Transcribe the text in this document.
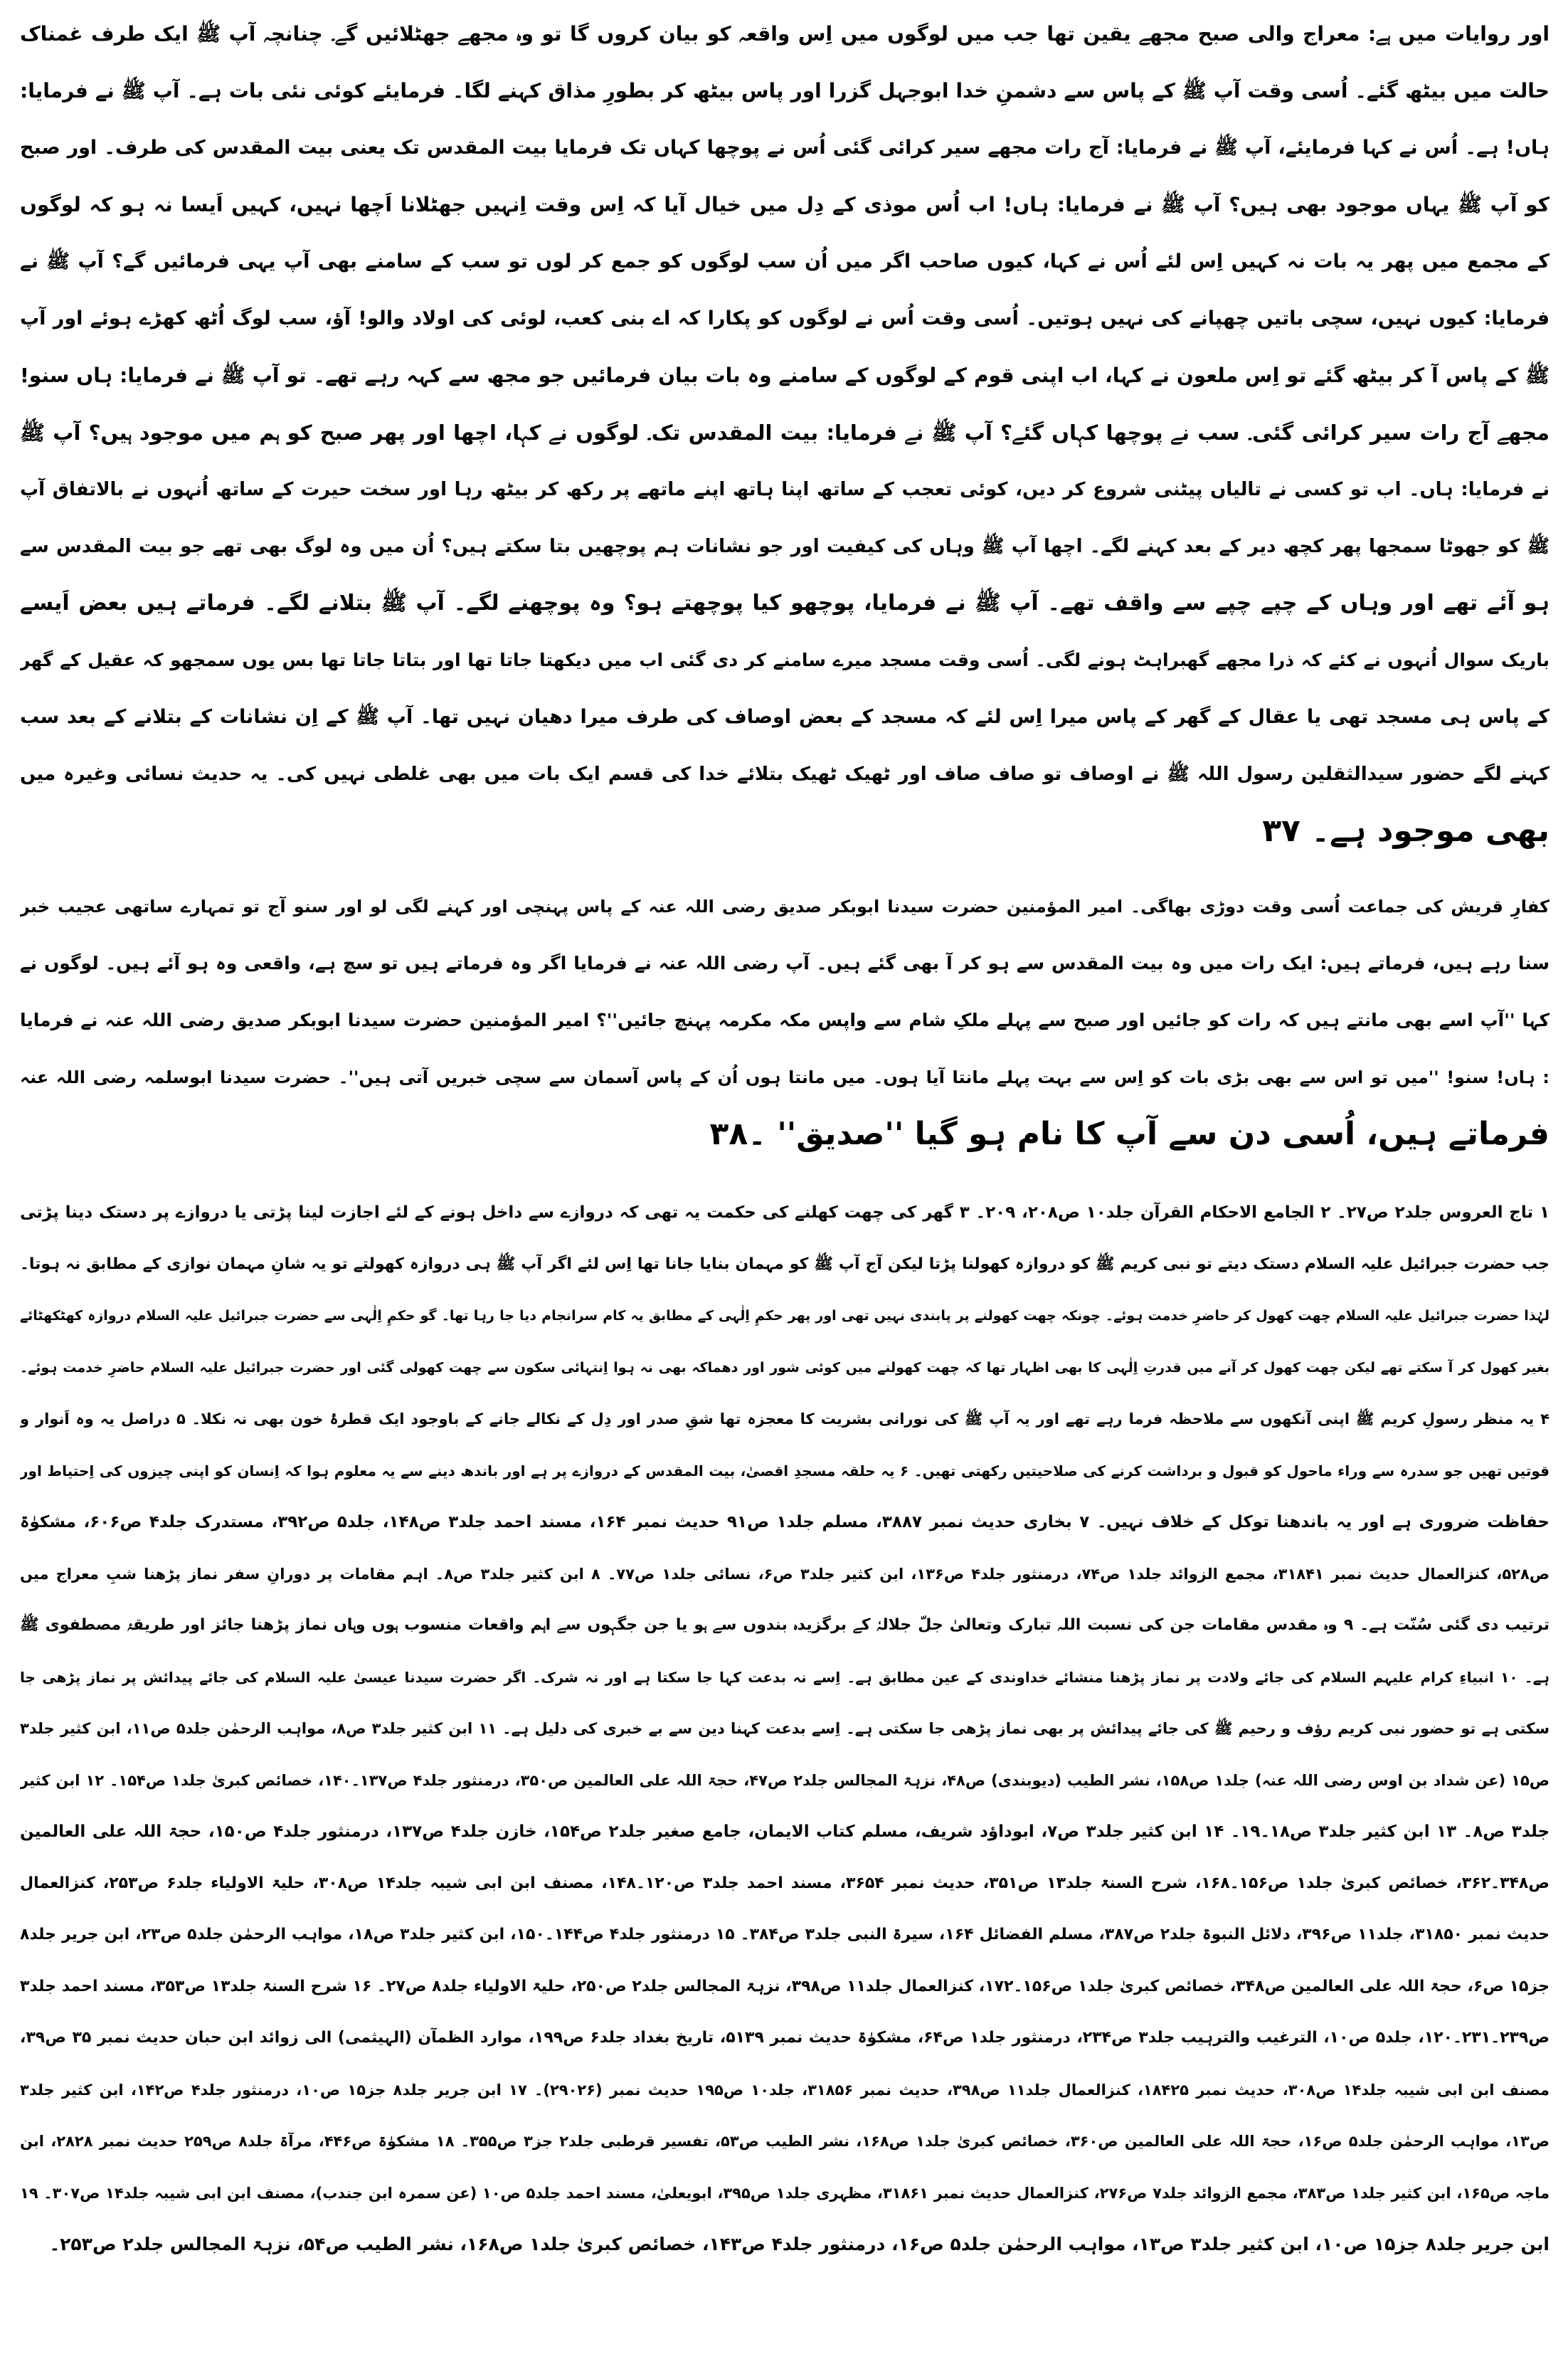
اور روایات میں ہے: معراج والی صبح مجھے یقین تھا جب میں لوگوں میں اِس واقعہ کو بیان کروں گا تو وہ مجھے جھٹلائیں گے۔ چنانچہ آپ ﷺ ایک طرف غمناک
حالت میں بیٹھ گئے۔ اُسی وقت آپ ﷺ کے پاس سے دشمنِ خدا ابوجہل گزرا اور پاس بیٹھ کر بطورِ مذاق کہنے لگا۔ فرمایئے کوئی نئی بات ہے۔ آپ ﷺ نے فرمایا:
ہاں! ہے۔ اُس نے کہا فرمایئے، آپ ﷺ نے فرمایا: آج رات مجھے سیر کرائی گئی اُس نے پوچھا کہاں تک فرمایا بیت المقدس تک یعنی بیت المقدس کی طرف۔ اور صبح
کو آپ ﷺ یہاں موجود بھی ہیں؟ آپ ﷺ نے فرمایا: ہاں! اب اُس موذی کے دِل میں خیال آیا کہ اِس وقت اِنہیں جھٹلانا اَچھا نہیں، کہیں اَیسا نہ ہو کہ لوگوں
کے مجمع میں پھر یہ بات نہ کہیں اِس لئے اُس نے کہا، کیوں صاحب اگر میں اُن سب لوگوں کو جمع کر لوں تو سب کے سامنے بھی آپ یہی فرمائیں گے؟ آپ ﷺ نے
فرمایا: کیوں نہیں، سچی باتیں چھپانے کی نہیں ہوتیں۔ اُسی وقت اُس نے لوگوں کو پکارا کہ اے بنی کعب، لوئی کی اولاد والو! آؤ، سب لوگ اُٹھ کھڑے ہوئے اور آپ
ﷺ کے پاس آ کر بیٹھ گئے تو اِس ملعون نے کہا، اب اپنی قوم کے لوگوں کے سامنے وہ بات بیان فرمائیں جو مجھ سے کہہ رہے تھے۔ تو آپ ﷺ نے فرمایا: ہاں سنو!
مجھے آج رات سیر کرائی گئی۔ سب نے پوچھا کہاں گئے؟ آپ ﷺ نے فرمایا: بیت المقدس تک۔ لوگوں نے کہا، اچھا اور پھر صبح کو ہم میں موجود ہیں؟ آپ ﷺ
نے فرمایا: ہاں۔ اب تو کسی نے تالیاں پیٹنی شروع کر دیں، کوئی تعجب کے ساتھ اپنا ہاتھ اپنے ماتھے پر رکھ کر بیٹھ رہا اور سخت حیرت کے ساتھ اُنہوں نے بالاتفاق آپ
ﷺ کو جھوٹا سمجھا پھر کچھ دیر کے بعد کہنے لگے۔ اچھا آپ ﷺ وہاں کی کیفیت اور جو نشانات ہم پوچھیں بتا سکتے ہیں؟ اُن میں وہ لوگ بھی تھے جو بیت المقدس سے
ہو آئے تھے اور وہاں کے چپے چپے سے واقف تھے۔ آپ ﷺ نے فرمایا، پوچھو کیا پوچھتے ہو؟ وہ پوچھنے لگے۔ آپ ﷺ بتلانے لگے۔ فرماتے ہیں بعض اَیسے
باریک سوال اُنہوں نے کئے کہ ذرا مجھے گھبراہٹ ہونے لگی۔ اُسی وقت مسجد میرے سامنے کر دی گئی اب میں دیکھتا جاتا تھا اور بتاتا جاتا تھا بس یوں سمجھو کہ عقیل کے گھر
کے پاس ہی مسجد تھی یا عقال کے گھر کے پاس میرا اِس لئے کہ مسجد کے بعض اوصاف کی طرف میرا دھیان نہیں تھا۔ آپ ﷺ کے اِن نشانات کے بتلانے کے بعد سب
کہنے لگے حضور سیدالثقلین رسول اللہ ﷺ نے اوصاف تو صاف صاف اور ٹھیک ٹھیک بتلائے خدا کی قسم ایک بات میں بھی غلطی نہیں کی۔ یہ حدیث نسائی وغیرہ میں
بھی موجود ہے۔ ۳۷
کفارِ قریش کی جماعت اُسی وقت دوڑی بھاگی۔ امیر المؤمنین حضرت سیدنا ابوبکر صدیق رضی اللہ عنہ کے پاس پہنچی اور کہنے لگی لو اور سنو آج تو تمہارے ساتھی عجیب خبر
سنا رہے ہیں، فرماتے ہیں: ایک رات میں وہ بیت المقدس سے ہو کر آ بھی گئے ہیں۔ آپ رضی اللہ عنہ نے فرمایا اگر وہ فرماتے ہیں تو سچ ہے، واقعی وہ ہو آئے ہیں۔ لوگوں نے
کہا ''آپ اسے بھی مانتے ہیں کہ رات کو جائیں اور صبح سے پہلے ملکِ شام سے واپس مکہ مکرمہ پہنچ جائیں''؟ امیر المؤمنین حضرت سیدنا ابوبکر صدیق رضی اللہ عنہ نے فرمایا
: ہاں! سنو! ''میں تو اس سے بھی بڑی بات کو اِس سے بہت پہلے مانتا آیا ہوں۔ میں مانتا ہوں اُن کے پاس آسمان سے سچی خبریں آتی ہیں''۔ حضرت سیدنا ابوسلمہ رضی اللہ عنہ
فرماتے ہیں، اُسی دن سے آپ کا نام ہو گیا ''صدیق'' ۔۳۸
۱ تاج العروس جلد۲ ص۲۷۔ ۲ الجامع الاحکام القرآن جلد۱۰ ص۲۰۸، ۲۰۹۔ ۳ گھر کی چھت کھلنے کی حکمت یہ تھی کہ دروازے سے داخل ہونے کے لئے اجازت لینا پڑتی یا دروازے پر دستک دینا پڑتی
جب حضرت جبرائیل علیہ السلام دستک دیتے تو نبی کریم ﷺ کو دروازہ کھولنا پڑتا لیکن آج آپ ﷺ کو مہمان بنایا جانا تھا اِس لئے اگر آپ ﷺ ہی دروازہ کھولتے تو یہ شانِ مہمان نوازی کے مطابق نہ ہوتا۔
لہٰذا حضرت جبرائیل علیہ السلام چھت کھول کر حاضرِ خدمت ہوئے۔ چونکہ چھت کھولنے پر پابندی نہیں تھی اور پھر حکمِ اِلٰہی کے مطابق یہ کام سرانجام دیا جا رہا تھا۔ گو حکمِ اِلٰہی سے حضرت جبرائیل علیہ السلام دروازہ کھٹکھٹائے
بغیر کھول کر آ سکتے تھے لیکن چھت کھول کر آنے میں قدرتِ اِلٰہی کا بھی اظہار تھا کہ چھت کھولنے میں کوئی شور اور دھماکہ بھی نہ ہوا اِنتہائی سکون سے چھت کھولی گئی اور حضرت جبرائیل علیہ السلام حاضرِ خدمت ہوئے۔
۴ یہ منظر رسولِ کریم ﷺ اپنی آنکھوں سے ملاحظہ فرما رہے تھے اور یہ آپ ﷺ کی نورانی بشریت کا معجزہ تھا شقِ صدر اور دِل کے نکالے جانے کے باوجود ایک قطرۂ خون بھی نہ نکلا۔ ۵ دراصل یہ وہ اَنوار و
قوتیں تھیں جو سدرہ سے وراء ماحول کو قبول و برداشت کرنے کی صلاحیتیں رکھتی تھیں۔ ۶ یہ حلقہ مسجدِ اقصیٰ، بیت المقدس کے دروازے پر ہے اور باندھ دینے سے یہ معلوم ہوا کہ اِنسان کو اپنی چیزوں کی اِحتیاط اور
حفاظت ضروری ہے اور یہ باندھنا توکل کے خلاف نہیں۔ ۷ بخاری حدیث نمبر ۳۸۸۷، مسلم جلد۱ ص۹۱ حدیث نمبر ۱۶۴، مسند احمد جلد۳ ص۱۴۸، جلد۵ ص۳۹۲، مستدرک جلد۴ ص۶۰۶، مشکوٰۃ
ص۵۲۸، کنزالعمال حدیث نمبر ۳۱۸۴۱، مجمع الزوائد جلد۱ ص۷۴، درمنثور جلد۴ ص۱۳۶، ابن کثیر جلد۳ ص۶، نسائی جلد۱ ص۷۷۔ ۸ ابن کثیر جلد۳ ص۸۔ اہم مقامات پر دورانِ سفر نماز پڑھنا شبِ معراج میں
ترتیب دی گئی سُنّت ہے۔ ۹ وہ مقدس مقامات جن کی نسبت اللہ تبارک وتعالیٰ جلّ جلالہٗ کے برگزیدہ بندوں سے ہو یا جن جگہوں سے اہم واقعات منسوب ہوں وہاں نماز پڑھنا جائز اور طریقۂ مصطفوی ﷺ
ہے۔ ۱۰ انبیاءِ کرام علیہم السلام کی جائے ولادت پر نماز پڑھنا منشائے خداوندی کے عین مطابق ہے۔ اِسے نہ بدعت کہا جا سکتا ہے اور نہ شرک۔ اگر حضرت سیدنا عیسیٰ علیہ السلام کی جائے پیدائش پر نماز پڑھی جا
سکتی ہے تو حضور نبی کریم رؤف و رحیم ﷺ کی جائے پیدائش پر بھی نماز پڑھی جا سکتی ہے۔ اِسے بدعت کہنا دین سے بے خبری کی دلیل ہے۔ ۱۱ ابن کثیر جلد۳ ص۸، مواہب الرحمٰن جلد۵ ص۱۱، ابن کثیر جلد۳
ص۱۵ (عن شداد بن اوس رضی اللہ عنہ) جلد۱ ص۱۵۸، نشر الطیب (دیوبندی) ص۴۸، نزہۃ المجالس جلد۲ ص۴۷، حجۃ اللہ علی العالمین ص۳۵۰، درمنثور جلد۴ ص۱۳۷۔۱۴۰، خصائص کبریٰ جلد۱ ص۱۵۴۔ ۱۲ ابن کثیر
جلد۳ ص۸۔ ۱۳ ابن کثیر جلد۳ ص۱۸۔۱۹۔ ۱۴ ابن کثیر جلد۳ ص۷، ابوداؤد شریف، مسلم کتاب الایمان، جامع صغیر جلد۲ ص۱۵۴، خازن جلد۴ ص۱۳۷، درمنثور جلد۴ ص۱۵۰، حجۃ اللہ علی العالمین
ص۳۴۸۔۳۶۲، خصائص کبریٰ جلد۱ ص۱۵۶۔۱۶۸، شرح السنۃ جلد۱۳ ص۳۵۱، حدیث نمبر ۳۶۵۴، مسند احمد جلد۳ ص۱۲۰۔۱۴۸، مصنف ابن ابی شیبہ جلد۱۴ ص۳۰۸، حلیۃ الاولیاء جلد۶ ص۲۵۳، کنزالعمال
حدیث نمبر ۳۱۸۵۰، جلد۱۱ ص۳۹۶، دلائل النبوۃ جلد۲ ص۳۸۷، مسلم الفضائل ۱۶۴، سیرۃ النبی جلد۳ ص۳۸۴۔ ۱۵ درمنثور جلد۴ ص۱۴۴۔۱۵۰، ابن کثیر جلد۳ ص۱۸، مواہب الرحمٰن جلد۵ ص۲۳، ابن جریر جلد۸
جز۱۵ ص۶، حجۃ اللہ علی العالمین ص۳۴۸، خصائص کبریٰ جلد۱ ص۱۵۶۔۱۷۲، کنزالعمال جلد۱۱ ص۳۹۸، نزہۃ المجالس جلد۲ ص۲۵۰، حلیۃ الاولیاء جلد۸ ص۲۷۔ ۱۶ شرح السنۃ جلد۱۳ ص۳۵۳، مسند احمد جلد۳
ص۲۳۹۔۲۳۱۔۱۲۰، جلد۵ ص۱۰، الترغیب والترہیب جلد۳ ص۲۳۴، درمنثور جلد۱ ص۶۴، مشکوٰۃ حدیث نمبر ۵۱۳۹، تاریخ بغداد جلد۶ ص۱۹۹، موارد الظمآن (الہیثمی) الی زوائد ابن حبان حدیث نمبر ۳۵ ص۳۹،
مصنف ابن ابی شیبہ جلد۱۴ ص۳۰۸، حدیث نمبر ۱۸۴۲۵، کنزالعمال جلد۱۱ ص۳۹۸، حدیث نمبر ۳۱۸۵۶، جلد۱۰ ص۱۹۵ حدیث نمبر (۲۹۰۲۶)۔ ۱۷ ابن جریر جلد۸ جز۱۵ ص۱۰، درمنثور جلد۴ ص۱۴۲، ابن کثیر جلد۳
ص۱۳، مواہب الرحمٰن جلد۵ ص۱۶، حجۃ اللہ علی العالمین ص۳۶۰، خصائص کبریٰ جلد۱ ص۱۶۸، نشر الطیب ص۵۳، تفسیر قرطبی جلد۲ جز۳ ص۳۵۵۔ ۱۸ مشکوٰۃ ص۴۴۶، مرآۃ جلد۸ ص۲۵۹ حدیث نمبر ۲۸۲۸، ابن
ماجہ ص۱۶۵، ابن کثیر جلد۱ ص۳۸۳، مجمع الزوائد جلد۷ ص۲۷۶، کنزالعمال حدیث نمبر ۳۱۸۶۱، مظہری جلد۱ ص۳۹۵، ابویعلیٰ، مسند احمد جلد۵ ص۱۰ (عن سمرہ ابن جندب)، مصنف ابن ابی شیبہ جلد۱۴ ص۳۰۷۔ ۱۹
ابن جریر جلد۸ جز۱۵ ص۱۰، ابن کثیر جلد۳ ص۱۳، مواہب الرحمٰن جلد۵ ص۱۶، درمنثور جلد۴ ص۱۴۳، خصائص کبریٰ جلد۱ ص۱۶۸، نشر الطیب ص۵۴، نزہۃ المجالس جلد۲ ص۲۵۳۔
